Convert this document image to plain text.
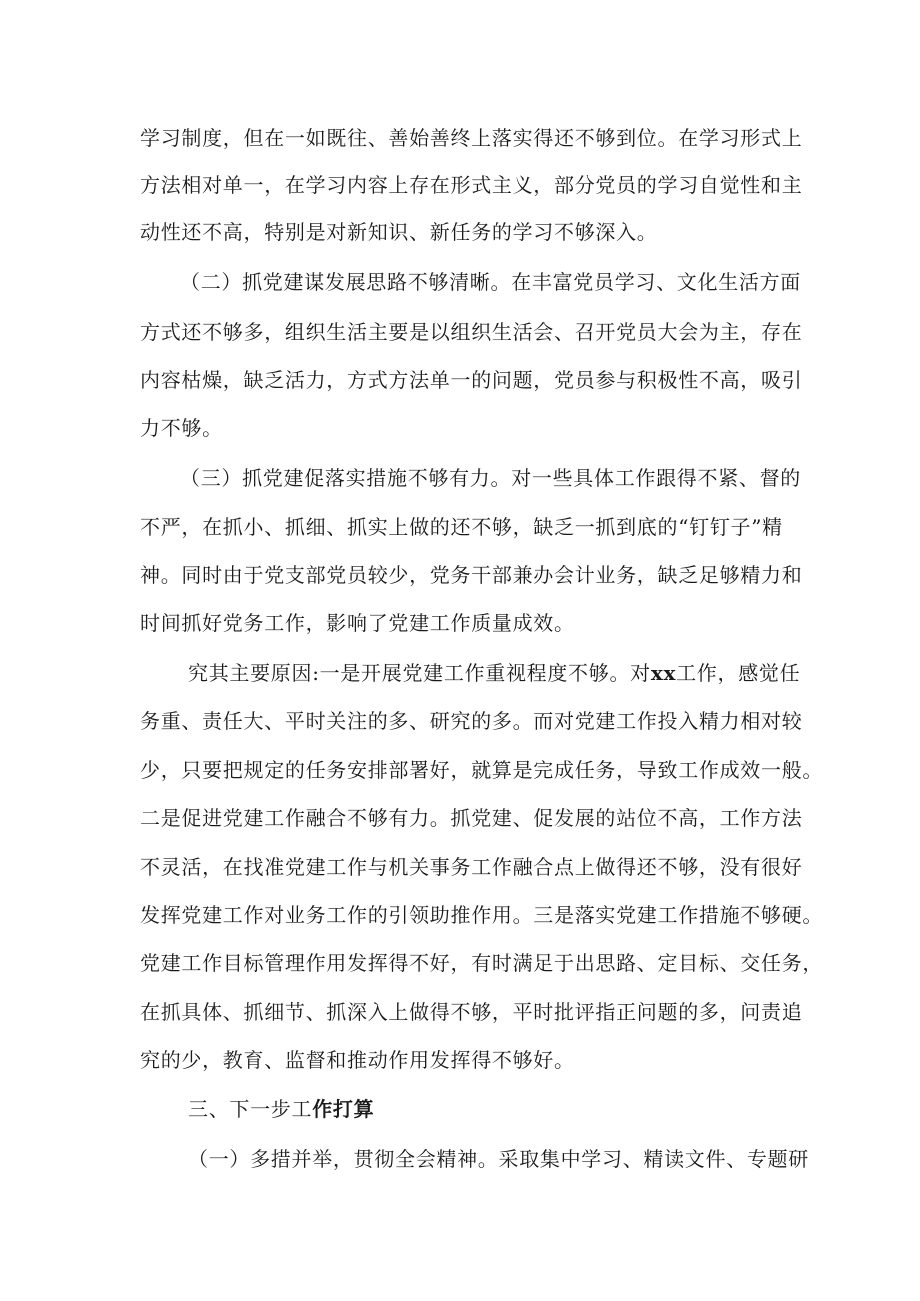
学习制度，但在一如既往、善始善终上落实得还不够到位。在学习形式上
方法相对单一，在学习内容上存在形式主义，部分党员的学习自觉性和主
动性还不高，特别是对新知识、新任务的学习不够深入。
（二）抓党建谋发展思路不够清晰。在丰富党员学习、文化生活方面
方式还不够多，组织生活主要是以组织生活会、召开党员大会为主，存在
内容枯燥，缺乏活力，方式方法单一的问题，党员参与积极性不高，吸引
力不够。
（三）抓党建促落实措施不够有力。对一些具体工作跟得不紧、督的
不严，在抓小、抓细、抓实上做的还不够，缺乏一抓到底的“钉钉子”精
神。同时由于党支部党员较少，党务干部兼办会计业务，缺乏足够精力和
时间抓好党务工作，影响了党建工作质量成效。
究其主要原因:一是开展党建工作重视程度不够。对xx工作，感觉任
务重、责任大、平时关注的多、研究的多。而对党建工作投入精力相对较
少，只要把规定的任务安排部署好，就算是完成任务，导致工作成效一般。
二是促进党建工作融合不够有力。抓党建、促发展的站位不高，工作方法
不灵活，在找准党建工作与机关事务工作融合点上做得还不够，没有很好
发挥党建工作对业务工作的引领助推作用。三是落实党建工作措施不够硬。
党建工作目标管理作用发挥得不好，有时满足于出思路、定目标、交任务，
在抓具体、抓细节、抓深入上做得不够，平时批评指正问题的多，问责追
究的少，教育、监督和推动作用发挥得不够好。
三、下一步工作打算
（一）多措并举，贯彻全会精神。采取集中学习、精读文件、专题研
